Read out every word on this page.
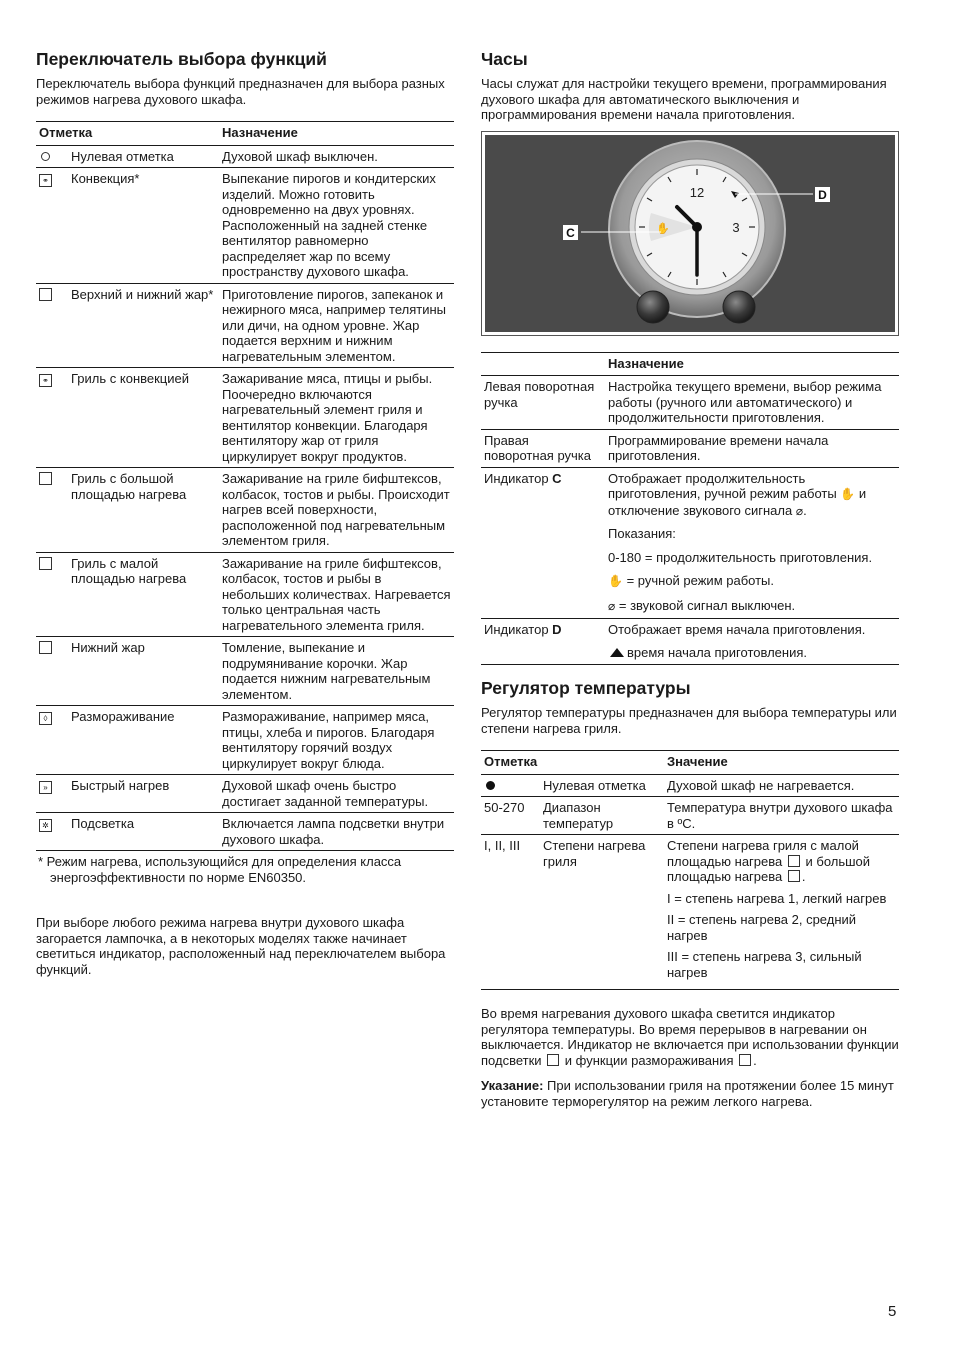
Переключатель выбора функций

Переключатель выбора функций предназначен для выбора разных режимов нагрева духового шкафа.

Отметка		Назначение
	Нулевая отметка	Духовой шкаф выключен.
⚭	Конвекция*	Выпекание пирогов и кондитерских изделий. Можно готовить одновременно на двух уровнях. Расположенный на задней стенке вентилятор равномерно распределяет жар по всему пространству духового шкафа.
	Верхний и нижний жар*	Приготовление пирогов, запеканок и нежирного мяса, например телятины или дичи, на одном уровне. Жар подается верхним и нижним нагревательным элементом.
⚭	Гриль с конвекцией	Зажаривание мяса, птицы и рыбы. Поочередно включаются нагревательный элемент гриля и вентилятор конвекции. Благодаря вентилятору жар от гриля циркулирует вокруг продуктов.
	Гриль с большой площадью нагрева	Зажаривание на гриле бифштексов, колбасок, тостов и рыбы. Происходит нагрев всей поверхности, расположенной под нагревательным элементом гриля.
	Гриль с малой площадью нагрева	Зажаривание на гриле бифштексов, колбасок, тостов и рыбы в небольших количествах. Нагревается только центральная часть нагревательного элемента гриля.
	Нижний жар	Томление, выпекание и подрумянивание корочки. Жар подается нижним нагревательным элементом.
◊	Размораживание	Размораживание, например мяса, птицы, хлеба и пирогов. Благодаря вентилятору горячий воздух циркулирует вокруг блюда.
»	Быстрый нагрев	Духовой шкаф очень быстро достигает заданной температуры.
✲	Подсветка	Включается лампа подсветки внутри духового шкафа.

* Режим нагрева, использующийся для определения класса энергоэффективности по норме EN60350.

При выборе любого режима нагрева внутри духового шкафа загорается лампочка, а в некоторых моделях также начинает светиться индикатор, расположенный над переключателем выбора функций.

Часы

Часы служат для настройки текущего времени, программирования духового шкафа для автоматического выключения и программирования времени начала приготовления.

12
3
✋
C
D
	Назначение
Левая поворотная ручка	Настройка текущего времени, выбор режима работы (ручного или автоматического) и продолжительности приготовления.
Правая поворотная ручка	Программирование времени начала приготовления.
Индикатор C	Отображает продолжительность приготовления, ручной режим работы ✋ и отключение звукового сигнала ⌀.
	Показания:
	0-180 = продолжительность приготовления.
	✋ = ручной режим работы.
	⌀ = звуковой сигнал выключен.
Индикатор D	Отображает время начала приготовления.
	время начала приготовления.
Регулятор температуры

Регулятор температуры предназначен для выбора температуры или степени нагрева гриля.

Отметка		Значение
	Нулевая отметка	Духовой шкаф не нагревается.
50-270	Диапазон температур	Температура внутри духового шкафа в ºC.
I, II, III	Степени нагрева гриля	Степени нагрева гриля с малой площадью нагрева и большой площадью нагрева .

I = степень нагрева 1, легкий нагрев

II = степень нагрева 2, средний нагрев

III = степень нагрева 3, сильный нагрев

Во время нагревания духового шкафа светится индикатор регулятора температуры. Во время перерывов в нагревании он выключается. Индикатор не включается при использовании функции подсветки и функции размораживания .

Указание: При использовании гриля на протяжении более 15 минут установите терморегулятор на режим легкого нагрева.

5
